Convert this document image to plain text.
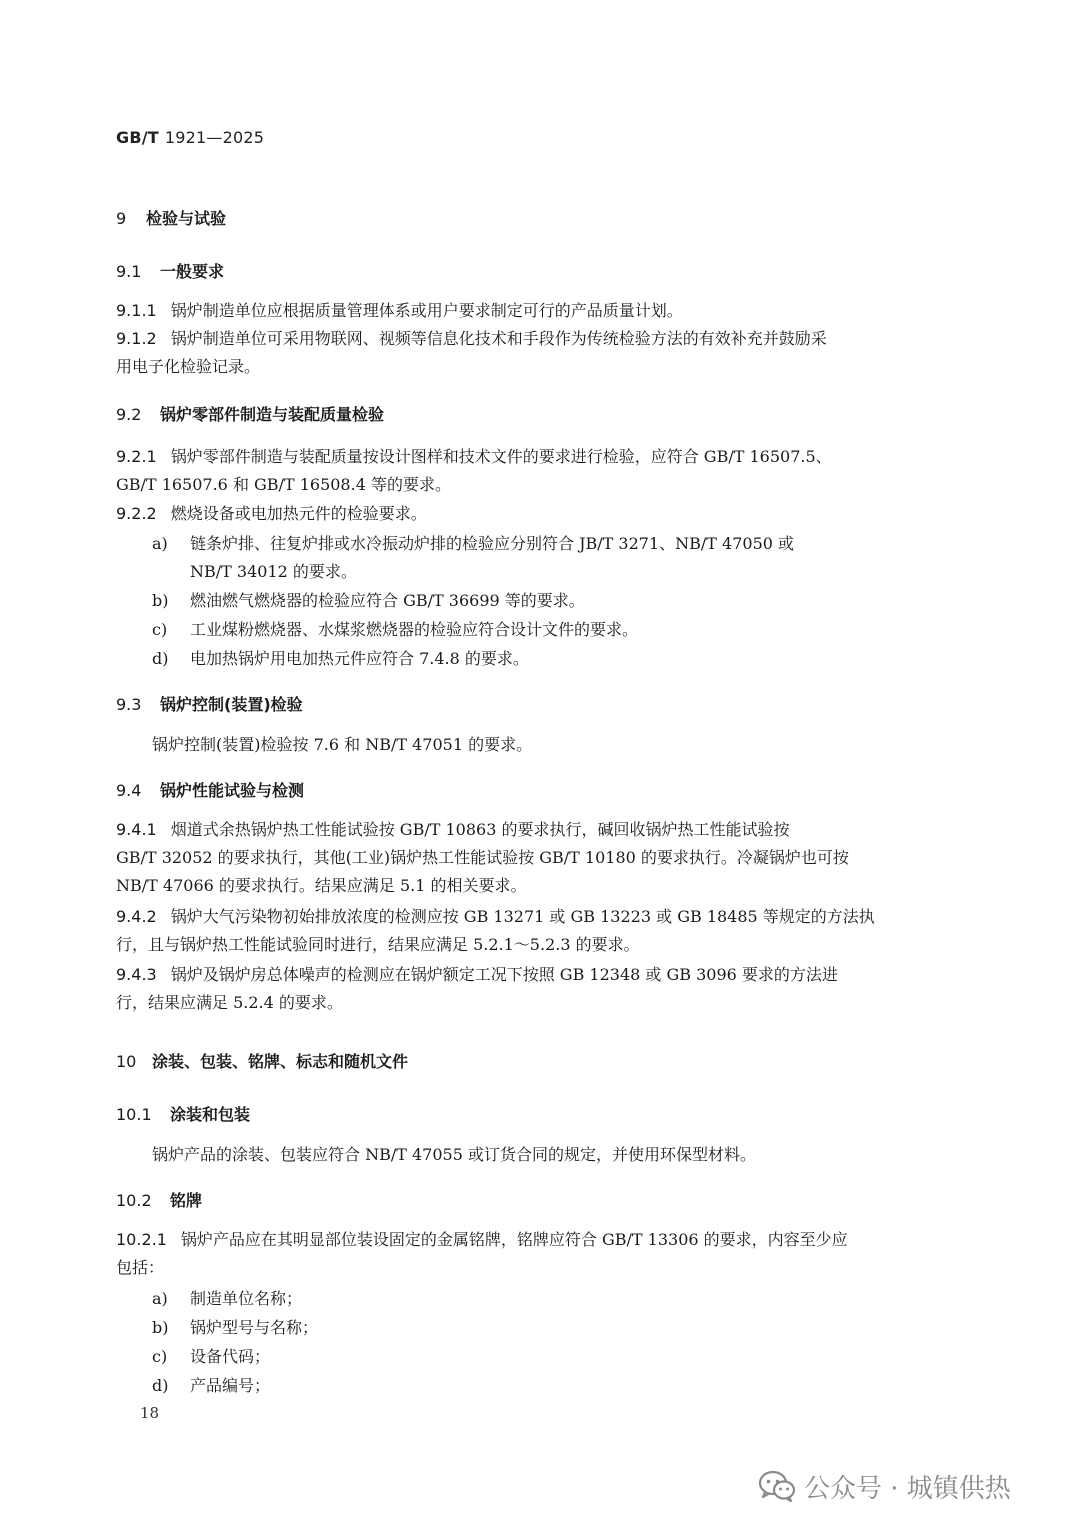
GB/T 1921—2025
9 检验与试验
9.1 一般要求
9.1.1 锅炉制造单位应根据质量管理体系或用户要求制定可行的产品质量计划。
9.1.2 锅炉制造单位可采用物联网、视频等信息化技术和手段作为传统检验方法的有效补充并鼓励采
用电子化检验记录。
9.2 锅炉零部件制造与装配质量检验
9.2.1 锅炉零部件制造与装配质量按设计图样和技术文件的要求进行检验，应符合 GB/T 16507.5、
GB/T 16507.6 和 GB/T 16508.4 等的要求。
9.2.2 燃烧设备或电加热元件的检验要求。
a) 链条炉排、往复炉排或水冷振动炉排的检验应分别符合 JB/T 3271、NB/T 47050 或
NB/T 34012 的要求。
b) 燃油燃气燃烧器的检验应符合 GB/T 36699 等的要求。
c) 工业煤粉燃烧器、水煤浆燃烧器的检验应符合设计文件的要求。
d) 电加热锅炉用电加热元件应符合 7.4.8 的要求。
9.3 锅炉控制(装置)检验
锅炉控制(装置)检验按 7.6 和 NB/T 47051 的要求。
9.4 锅炉性能试验与检测
9.4.1 烟道式余热锅炉热工性能试验按 GB/T 10863 的要求执行，碱回收锅炉热工性能试验按
GB/T 32052 的要求执行，其他(工业)锅炉热工性能试验按 GB/T 10180 的要求执行。冷凝锅炉也可按
NB/T 47066 的要求执行。结果应满足 5.1 的相关要求。
9.4.2 锅炉大气污染物初始排放浓度的检测应按 GB 13271 或 GB 13223 或 GB 18485 等规定的方法执
行，且与锅炉热工性能试验同时进行，结果应满足 5.2.1～5.2.3 的要求。
9.4.3 锅炉及锅炉房总体噪声的检测应在锅炉额定工况下按照 GB 12348 或 GB 3096 要求的方法进
行，结果应满足 5.2.4 的要求。
10 涂装、包装、铭牌、标志和随机文件
10.1 涂装和包装
锅炉产品的涂装、包装应符合 NB/T 47055 或订货合同的规定，并使用环保型材料。
10.2 铭牌
10.2.1 锅炉产品应在其明显部位装设固定的金属铭牌，铭牌应符合 GB/T 13306 的要求，内容至少应
包括：
a) 制造单位名称；
b) 锅炉型号与名称；
c) 设备代码；
d) 产品编号；
18
公众号 · 城镇供热
